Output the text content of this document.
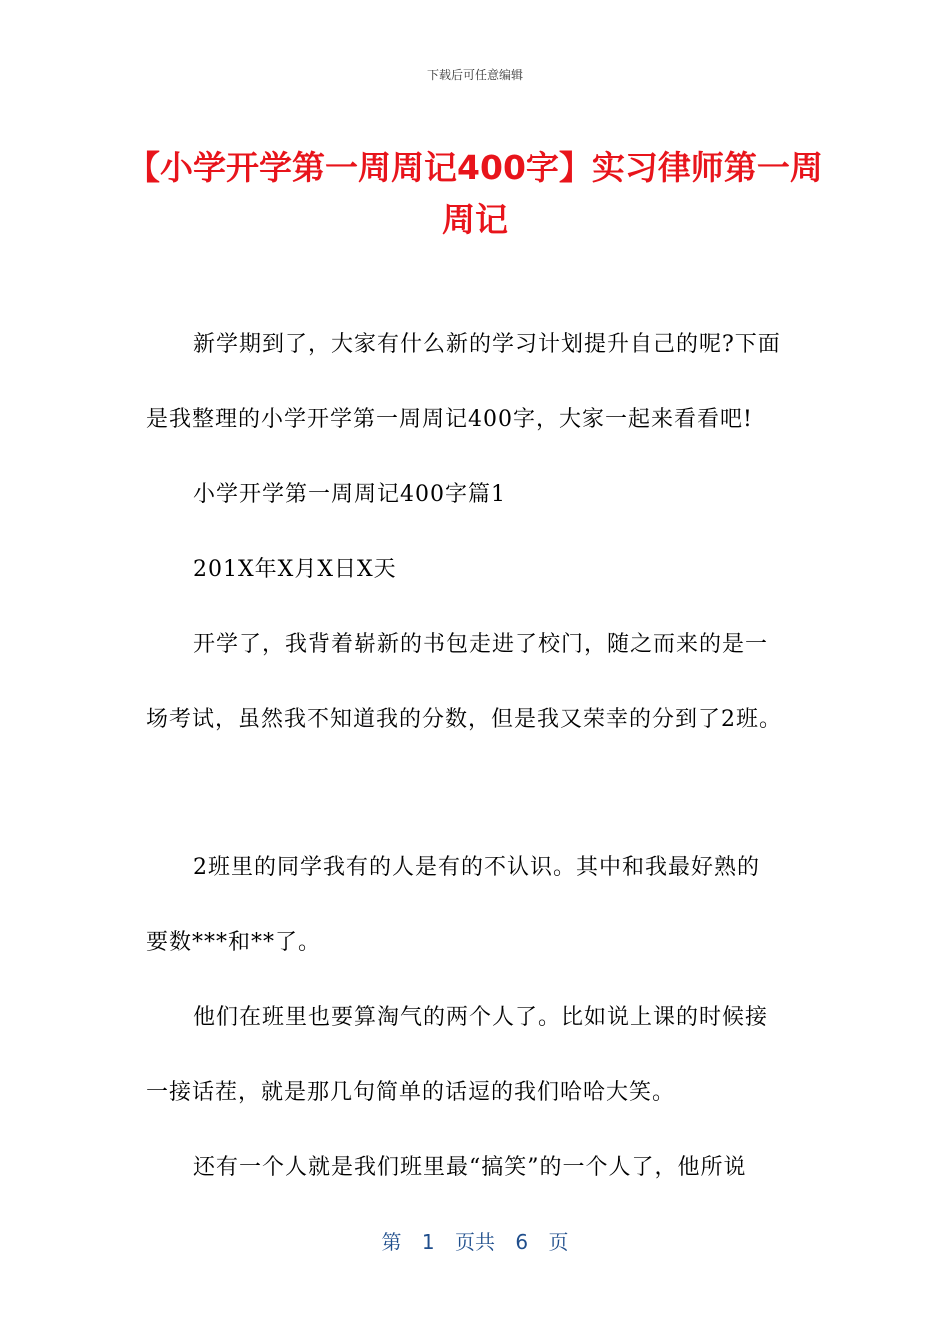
下载后可任意编辑
【小学开学第一周周记400字】实习律师第一周周记

新学期到了，大家有什么新的学习计划提升自己的呢?下面

是我整理的小学开学第一周周记400字，大家一起来看看吧!

小学开学第一周周记400字篇1

201X年X月X日X天

开学了，我背着崭新的书包走进了校门，随之而来的是一

场考试，虽然我不知道我的分数，但是我又荣幸的分到了2班。

2班里的同学我有的人是有的不认识。其中和我最好熟的

要数***和**了。

他们在班里也要算淘气的两个人了。比如说上课的时候接

一接话茬，就是那几句简单的话逗的我们哈哈大笑。

还有一个人就是我们班里最“搞笑”的一个人了，他所说

第 1 页共 6 页
